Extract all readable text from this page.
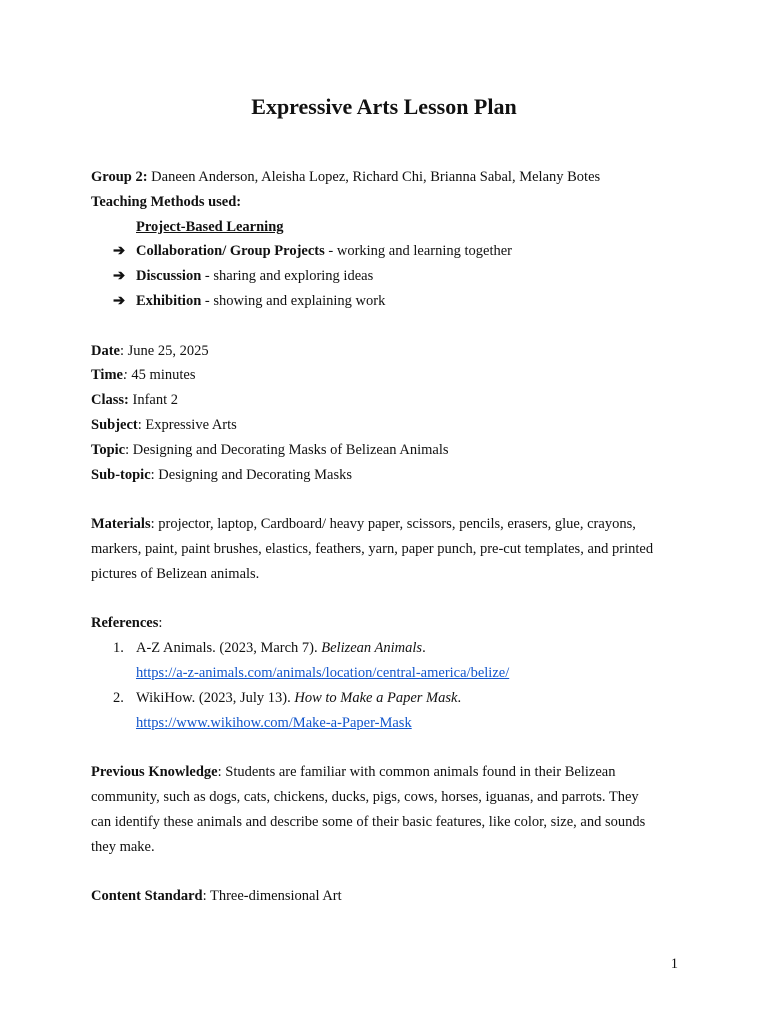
Expressive Arts Lesson Plan
Group 2: Daneen Anderson, Aleisha Lopez, Richard Chi, Brianna Sabal, Melany Botes
Teaching Methods used:
Project-Based Learning
➔ Collaboration/ Group Projects - working and learning together
➔ Discussion - sharing and exploring ideas
➔ Exhibition - showing and explaining work
Date: June 25, 2025
Time: 45 minutes
Class: Infant 2
Subject: Expressive Arts
Topic: Designing and Decorating Masks of Belizean Animals
Sub-topic: Designing and Decorating Masks
Materials: projector, laptop, Cardboard/ heavy paper, scissors, pencils, erasers, glue, crayons,
markers, paint, paint brushes, elastics, feathers, yarn, paper punch, pre-cut templates, and printed
pictures of Belizean animals.
References:
1. A-Z Animals. (2023, March 7). Belizean Animals.
https://a-z-animals.com/animals/location/central-america/belize/
2. WikiHow. (2023, July 13). How to Make a Paper Mask.
https://www.wikihow.com/Make-a-Paper-Mask
Previous Knowledge: Students are familiar with common animals found in their Belizean
community, such as dogs, cats, chickens, ducks, pigs, cows, horses, iguanas, and parrots. They
can identify these animals and describe some of their basic features, like color, size, and sounds
they make.
Content Standard: Three-dimensional Art
1
